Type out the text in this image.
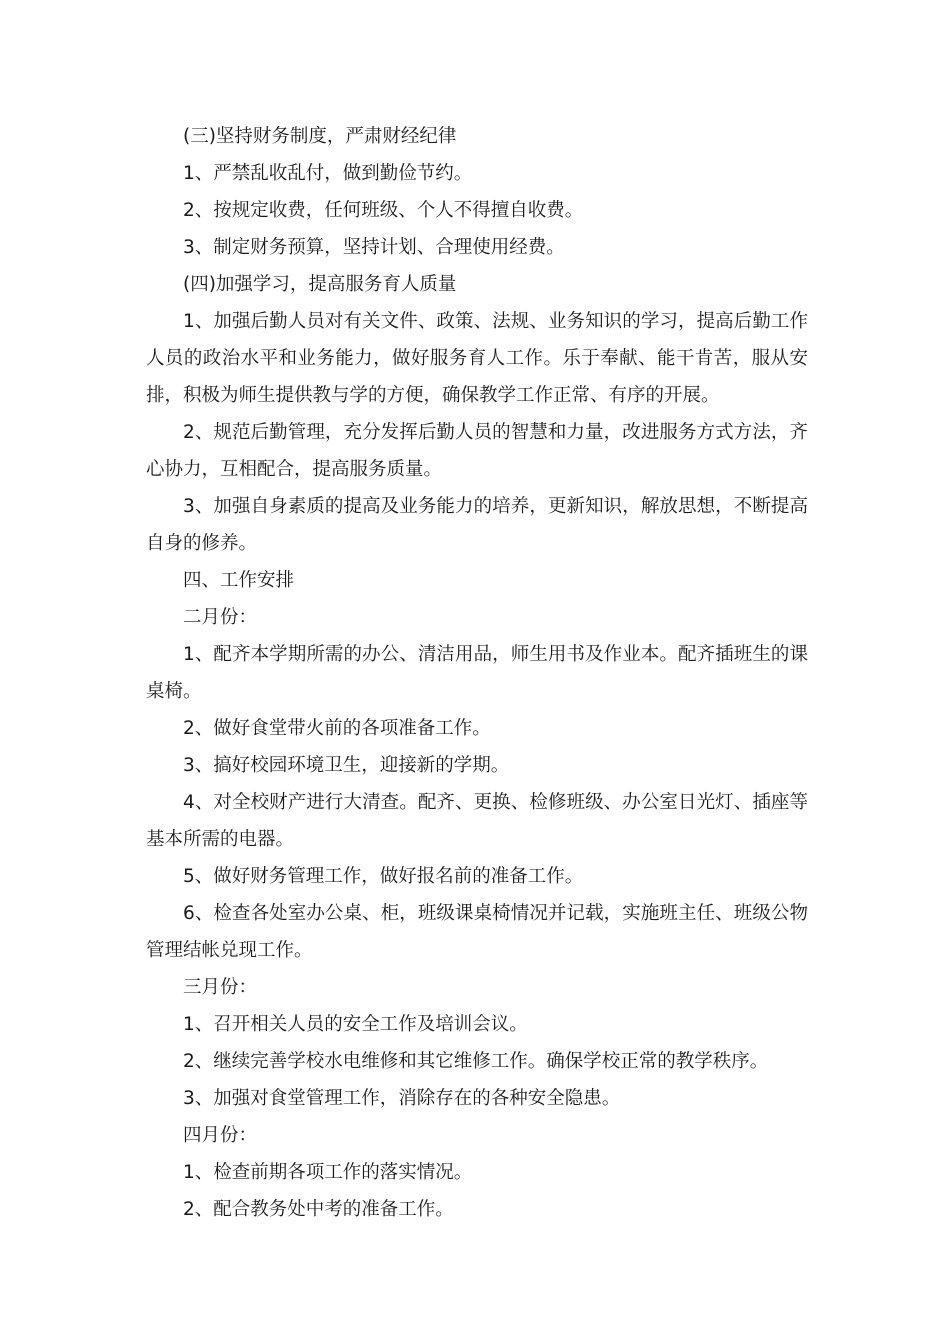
(三)坚持财务制度，严肃财经纪律

1、严禁乱收乱付，做到勤俭节约。

2、按规定收费，任何班级、个人不得擅自收费。

3、制定财务预算，坚持计划、合理使用经费。

(四)加强学习，提高服务育人质量

1、加强后勤人员对有关文件、政策、法规、业务知识的学习，提高后勤工作人员的政治水平和业务能力，做好服务育人工作。乐于奉献、能干肯苦，服从安排，积极为师生提供教与学的方便，确保教学工作正常、有序的开展。

2、规范后勤管理，充分发挥后勤人员的智慧和力量，改进服务方式方法，齐心协力，互相配合，提高服务质量。

3、加强自身素质的提高及业务能力的培养，更新知识，解放思想，不断提高自身的修养。

四、工作安排

二月份：

1、配齐本学期所需的办公、清洁用品，师生用书及作业本。配齐插班生的课桌椅。

2、做好食堂带火前的各项准备工作。

3、搞好校园环境卫生，迎接新的学期。

4、对全校财产进行大清查。配齐、更换、检修班级、办公室日光灯、插座等基本所需的电器。

5、做好财务管理工作，做好报名前的准备工作。

6、检查各处室办公桌、柜，班级课桌椅情况并记载，实施班主任、班级公物管理结帐兑现工作。

三月份：

1、召开相关人员的安全工作及培训会议。

2、继续完善学校水电维修和其它维修工作。确保学校正常的教学秩序。

3、加强对食堂管理工作，消除存在的各种安全隐患。

四月份：

1、检查前期各项工作的落实情况。

2、配合教务处中考的准备工作。
